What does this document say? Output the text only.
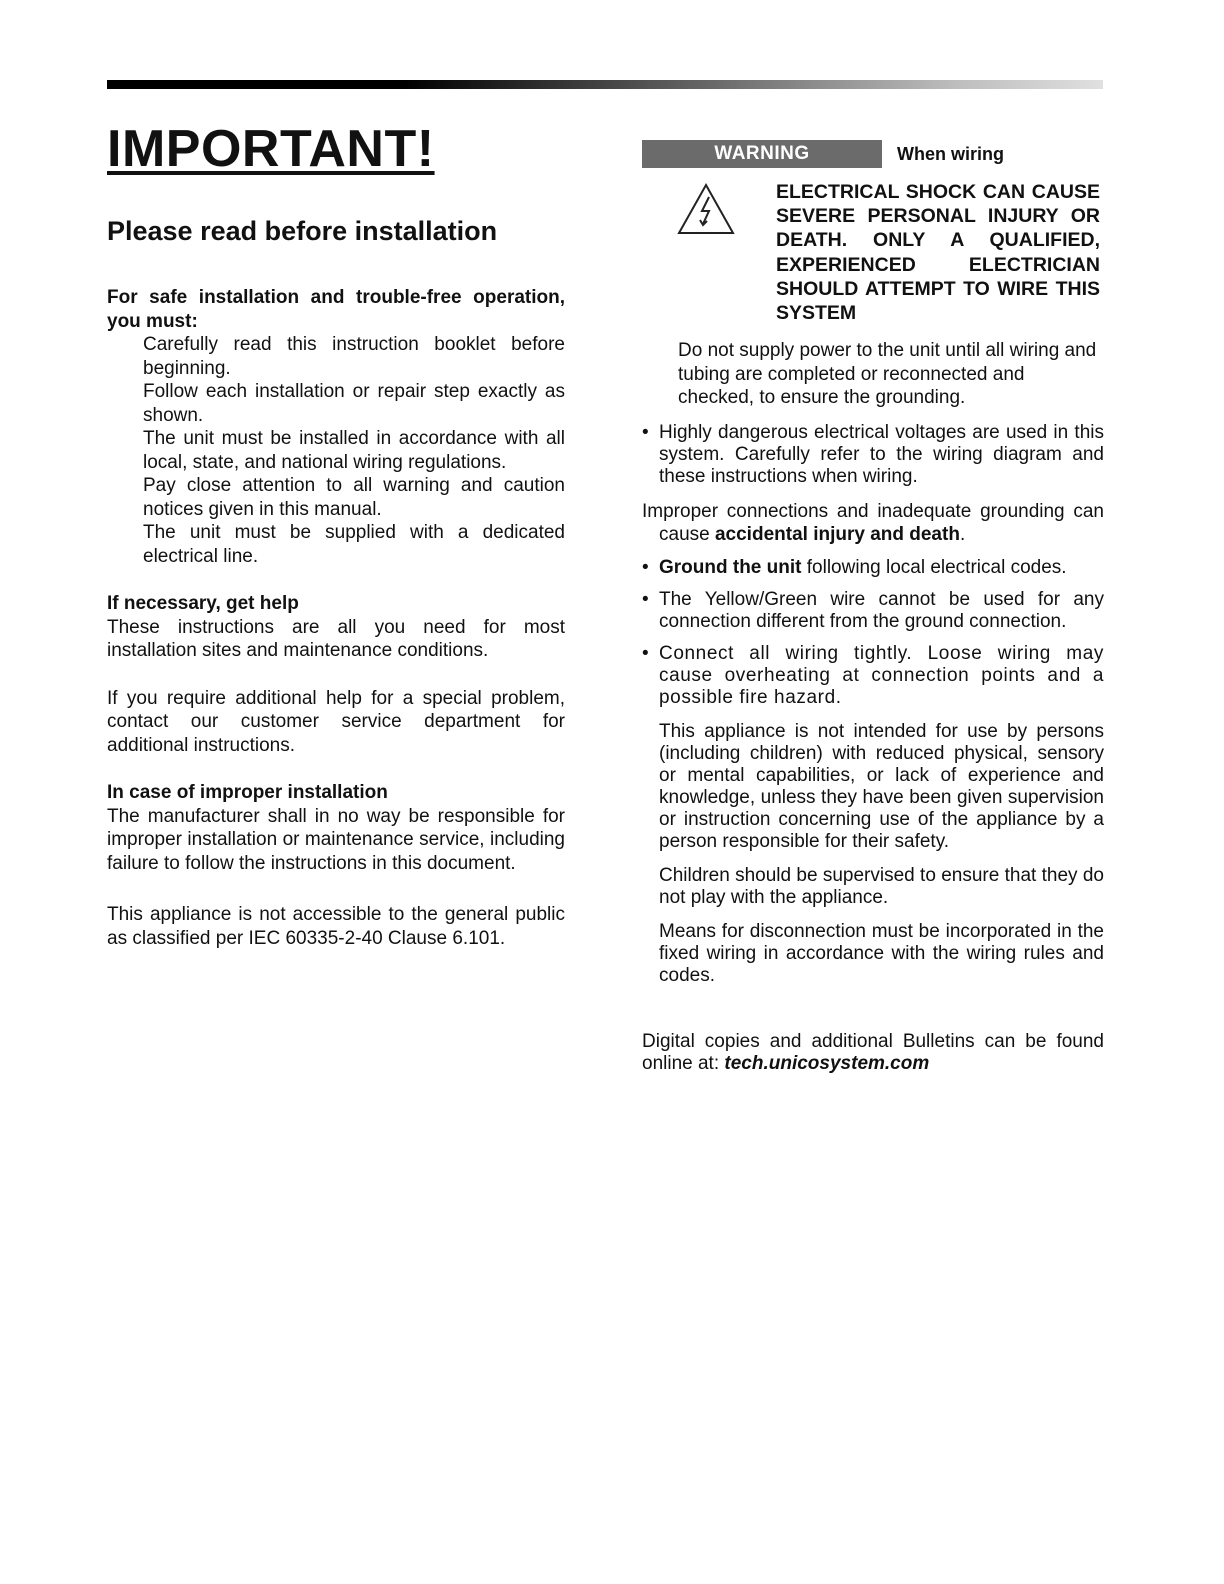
IMPORTANT!
Please read before installation

For safe installation and trouble-free operation, you must:

Carefully read this instruction booklet before beginning.
Follow each installation or repair step exactly as shown.
The unit must be installed in accordance with all local, state, and national wiring regulations.
Pay close attention to all warning and caution notices given in this manual.
The unit must be supplied with a dedicated electrical line.
If necessary, get help

These instructions are all you need for most installation sites and maintenance conditions.

If you require additional help for a special problem, contact our customer service department for additional instructions.

In case of improper installation

The manufacturer shall in no way be responsible for improper installation or maintenance service, including failure to follow the instructions in this document.

This appliance is not accessible to the general public as classified per IEC 60335-2-40 Clause 6.101.

WARNING	When wiring
ELECTRICAL SHOCK CAN CAUSE SEVERE PERSONAL INJURY OR DEATH. ONLY A QUALIFIED, EXPERIENCED ELECTRICIAN SHOULD ATTEMPT TO WIRE THIS SYSTEM

Do not supply power to the unit until all wiring and tubing are completed or reconnected and checked, to ensure the grounding.

• Highly dangerous electrical voltages are used in this system. Carefully refer to the wiring diagram and these instructions when wiring.

Improper connections and inadequate grounding can cause accidental injury and death.

• Ground the unit following local electrical codes.
• The Yellow/Green wire cannot be used for any connection different from the ground connection.
• Connect all wiring tightly. Loose wiring may cause overheating at connection points and a possible fire hazard.

This appliance is not intended for use by persons (including children) with reduced physical, sensory or mental capabilities, or lack of experience and knowledge, unless they have been given supervision or instruction concerning use of the appliance by a person responsible for their safety.

Children should be supervised to ensure that they do not play with the appliance.

Means for disconnection must be incorporated in the fixed wiring in accordance with the wiring rules and codes.

Digital copies and additional Bulletins can be found online at: tech.unicosystem.com
